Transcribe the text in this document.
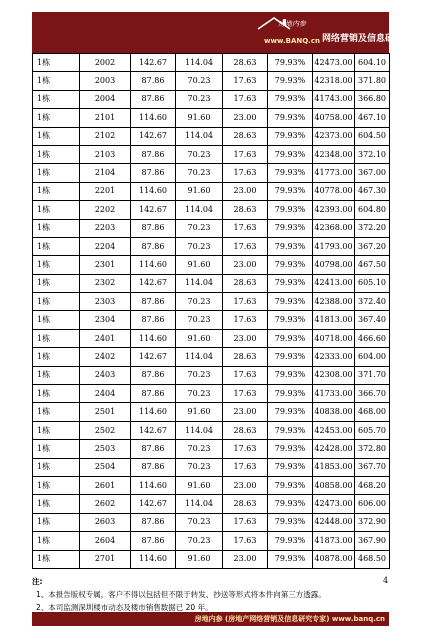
房地内参
www.BANQ.cn 网络营销及信息研究专家
1栋	2002	142.67	114.04	28.63	79.93%	42473.00	604.10
1栋	2003	87.86	70.23	17.63	79.93%	42318.00	371.80
1栋	2004	87.86	70.23	17.63	79.93%	41743.00	366.80
1栋	2101	114.60	91.60	23.00	79.93%	40758.00	467.10
1栋	2102	142.67	114.04	28.63	79.93%	42373.00	604.50
1栋	2103	87.86	70.23	17.63	79.93%	42348.00	372.10
1栋	2104	87.86	70.23	17.63	79.93%	41773.00	367.00
1栋	2201	114.60	91.60	23.00	79.93%	40778.00	467.30
1栋	2202	142.67	114.04	28.63	79.93%	42393.00	604.80
1栋	2203	87.86	70.23	17.63	79.93%	42368.00	372.20
1栋	2204	87.86	70.23	17.63	79.93%	41793.00	367.20
1栋	2301	114.60	91.60	23.00	79.93%	40798.00	467.50
1栋	2302	142.67	114.04	28.63	79.93%	42413.00	605.10
1栋	2303	87.86	70.23	17.63	79.93%	42388.00	372.40
1栋	2304	87.86	70.23	17.63	79.93%	41813.00	367.40
1栋	2401	114.60	91.60	23.00	79.93%	40718.00	466.60
1栋	2402	142.67	114.04	28.63	79.93%	42333.00	604.00
1栋	2403	87.86	70.23	17.63	79.93%	42308.00	371.70
1栋	2404	87.86	70.23	17.63	79.93%	41733.00	366.70
1栋	2501	114.60	91.60	23.00	79.93%	40838.00	468.00
1栋	2502	142.67	114.04	28.63	79.93%	42453.00	605.70
1栋	2503	87.86	70.23	17.63	79.93%	42428.00	372.80
1栋	2504	87.86	70.23	17.63	79.93%	41853.00	367.70
1栋	2601	114.60	91.60	23.00	79.93%	40858.00	468.20
1栋	2602	142.67	114.04	28.63	79.93%	42473.00	606.00
1栋	2603	87.86	70.23	17.63	79.93%	42448.00	372.90
1栋	2604	87.86	70.23	17.63	79.93%	41873.00	367.90
1栋	2701	114.60	91.60	23.00	79.93%	40878.00	468.50
注:
1、本报告版权专属，客户不得以包括但不限于转发、抄送等形式将本件向第三方透露。
2、本司监测深圳楼市动态及楼市销售数据已 20 年。
4
房地内参 (房地产网络营销及信息研究专家) www.banq.cn
